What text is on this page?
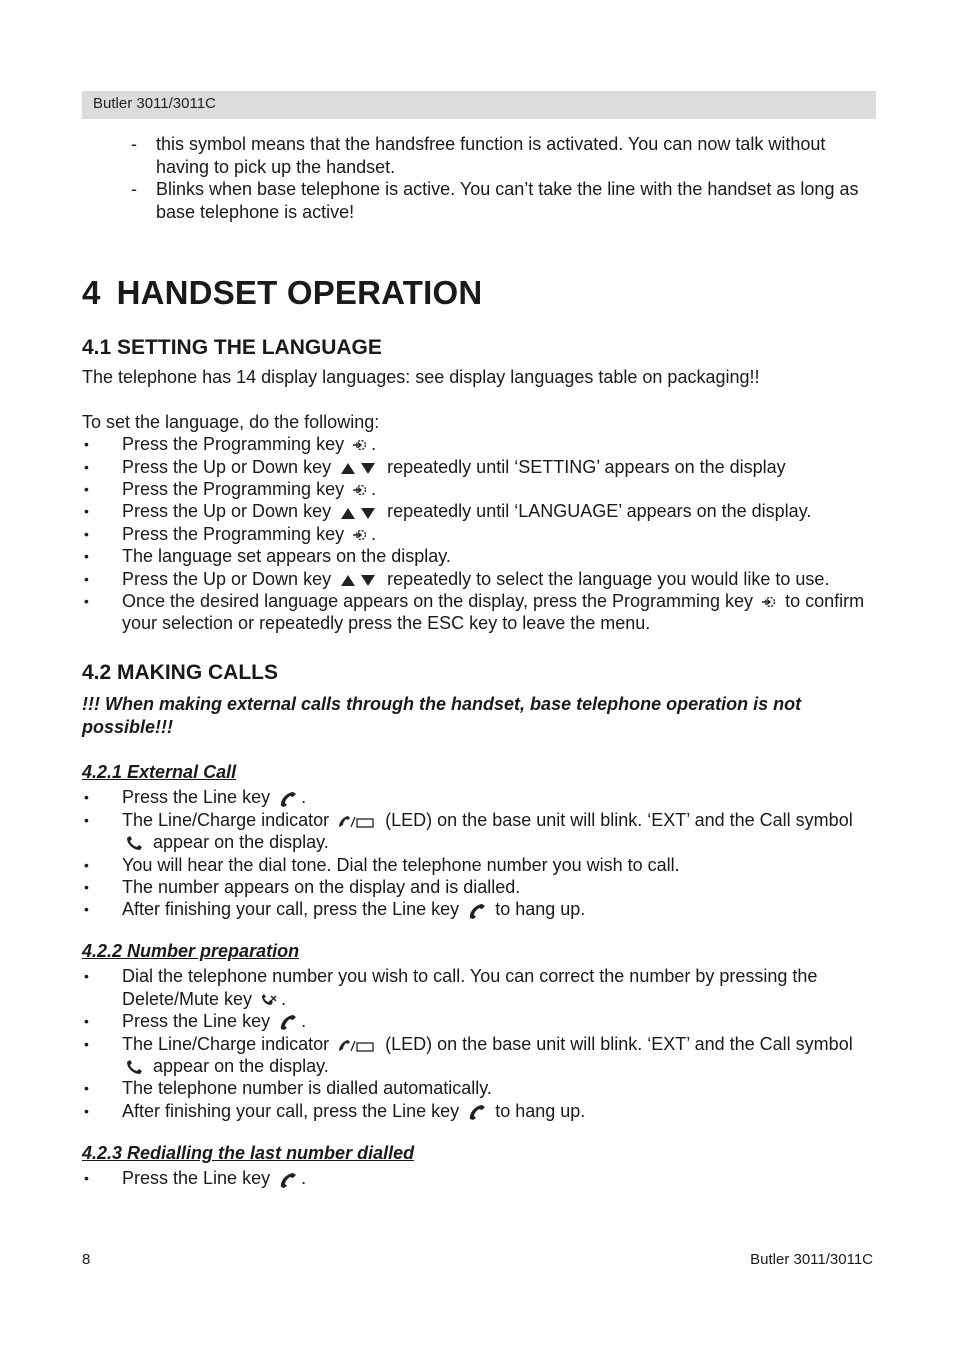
Butler 3011/3011C
- this symbol means that the handsfree function is activated. You can now talk without having to pick up the handset.
- Blinks when base telephone is active. You can’t take the line with the handset as long as base telephone is active!
4 HANDSET OPERATION

4.1 SETTING THE LANGUAGE

The telephone has 14 display languages: see display languages table on packaging!!

To set the language, do the following:

• Press the Programming key .
• Press the Up or Down key	repeatedly until ‘SETTING’ appears on the display
• Press the Programming key .
• Press the Up or Down key	repeatedly until ‘LANGUAGE’ appears on the display.
• Press the Programming key .
• The language set appears on the display.
• Press the Up or Down key	repeatedly to select the language you would like to use.
• Once the desired language appears on the display, press the Programming key to confirm your selection or repeatedly press the ESC key to leave the menu.

4.2 MAKING CALLS

!!! When making external calls through the handset, base telephone operation is not possible!!!

4.2.1 External Call

• Press the Line key .
• The Line/Charge indicator	(LED) on the base unit will blink. ‘EXT’ and the Call symbol  appear on the display.
• You will hear the dial tone. Dial the telephone number you wish to call.
• The number appears on the display and is dialled.
• After finishing your call, press the Line key to hang up.

4.2.2 Number preparation

• Dial the telephone number you wish to call. You can correct the number by pressing the Delete/Mute key .
• Press the Line key .
• The Line/Charge indicator	(LED) on the base unit will blink. ‘EXT’ and the Call symbol  appear on the display.
• The telephone number is dialled automatically.
• After finishing your call, press the Line key to hang up.

4.2.3 Redialling the last number dialled

• Press the Line key .
8	Butler 3011/3011C
